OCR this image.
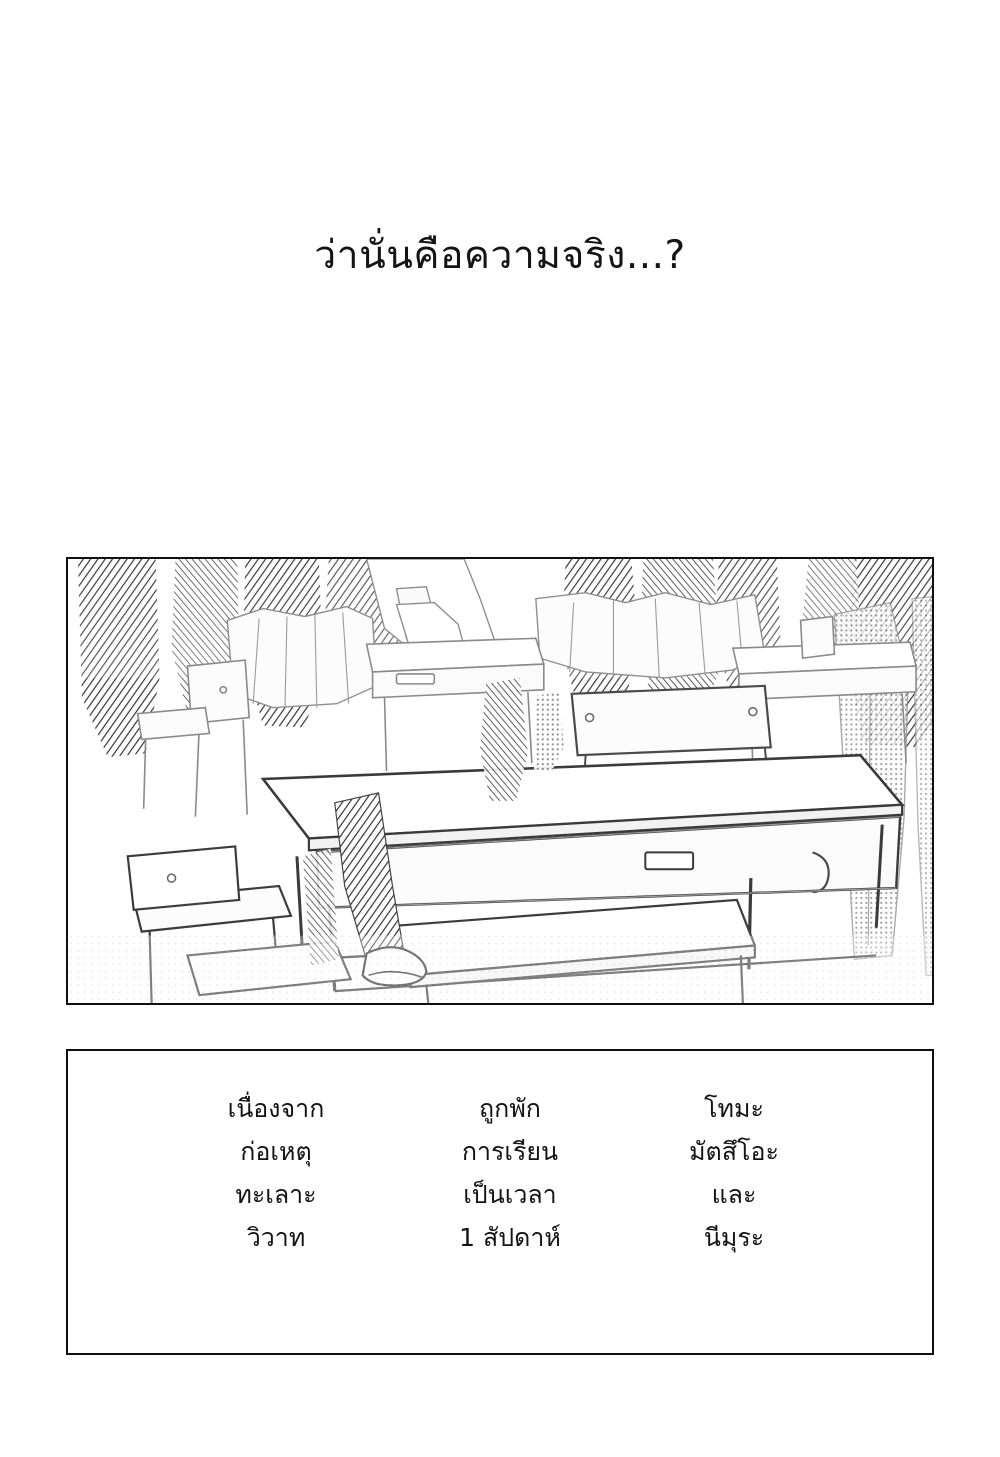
ว่านั่นคือความจริง...?
เนื่องจาก
ก่อเหตุ
ทะเลาะ
วิวาท
ถูกพัก
การเรียน
เป็นเวลา
1 สัปดาห์
โทมะ
มัตสึโอะ
และ
นีมุระ
